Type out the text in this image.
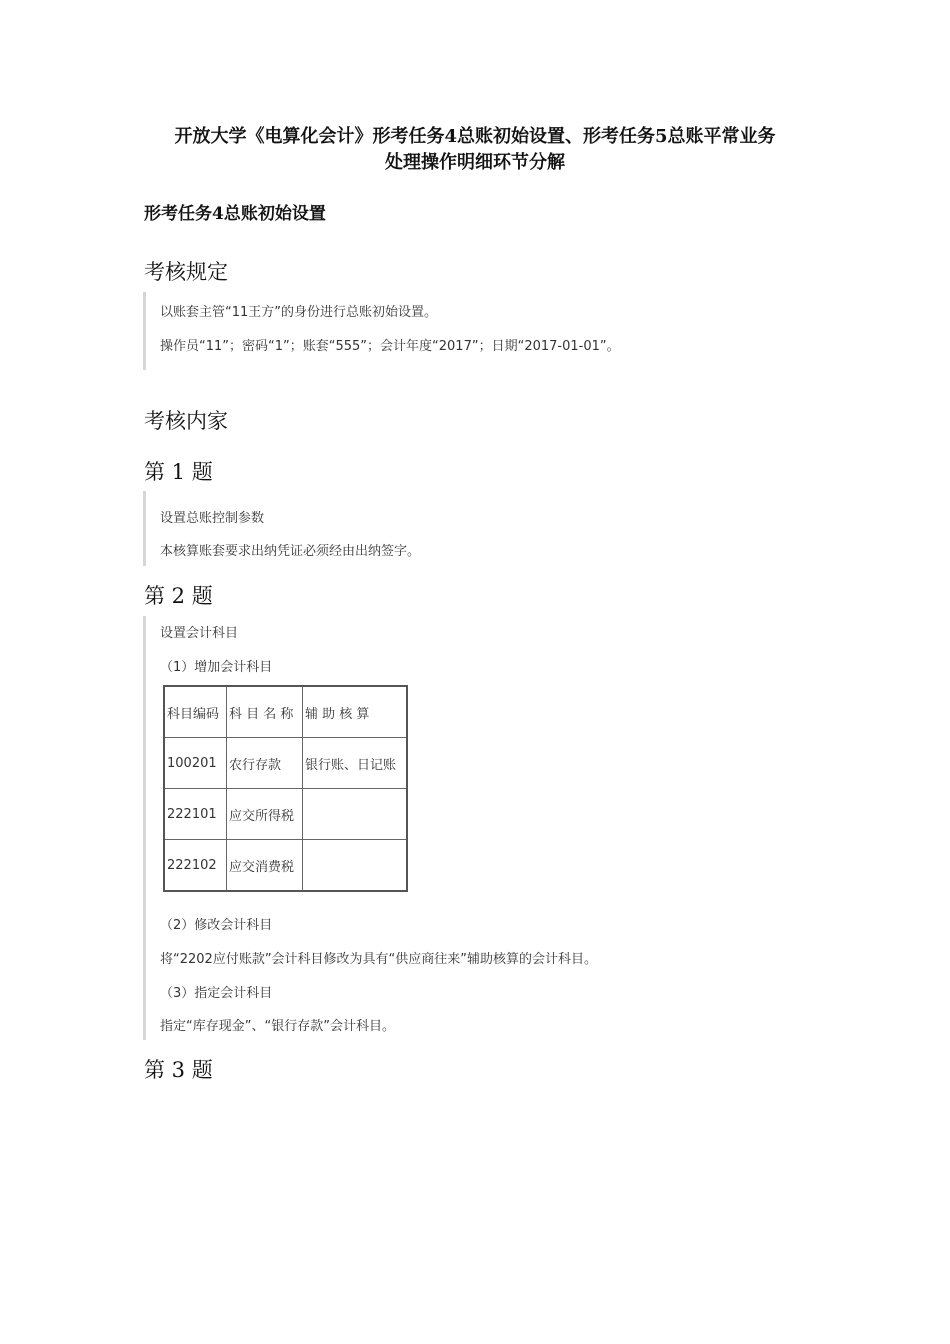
开放大学《电算化会计》形考任务4总账初始设置、形考任务5总账平常业务
处理操作明细环节分解
形考任务4总账初始设置
考核规定
以账套主管“11王方”的身份进行总账初始设置。
操作员“11”；密码“1”；账套“555”；会计年度“2017”；日期“2017-01-01”。
考核内家
第 1 题
设置总账控制参数
本核算账套要求出纳凭证必须经由出纳签字。
第 2 题
设置会计科目
（1）增加会计科目
科目编码	科 目 名 称	辅 助 核 算
100201	农行存款	银行账、日记账
222101	应交所得税	
222102	应交消费税	
（2）修改会计科目
将“2202应付账款”会计科目修改为具有“供应商往来”辅助核算的会计科目。
（3）指定会计科目
指定“库存现金”、“银行存款”会计科目。
第 3 题
